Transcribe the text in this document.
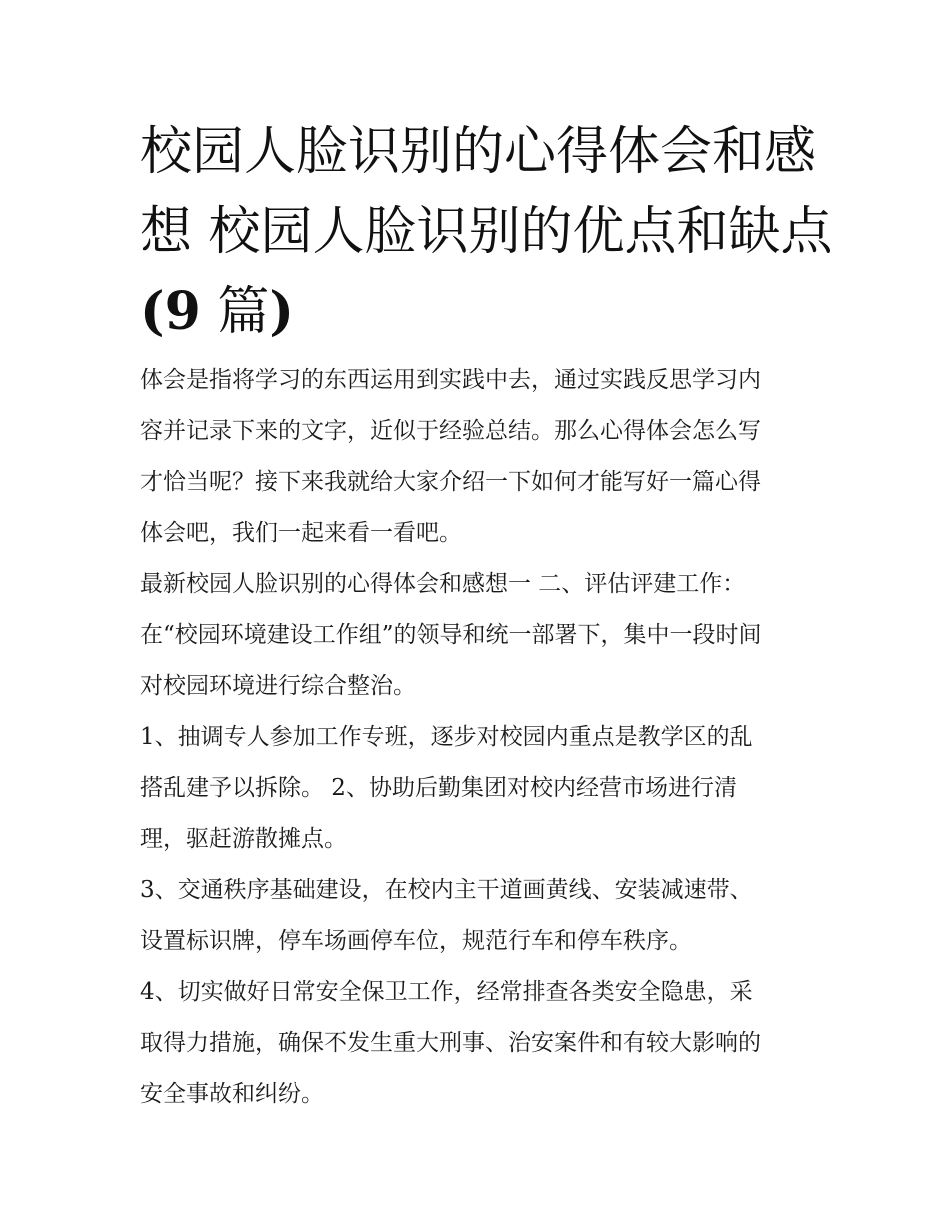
校园人脸识别的心得体会和感
想 校园人脸识别的优点和缺点
(9 篇)

体会是指将学习的东西运用到实践中去，通过实践反思学习内
容并记录下来的文字，近似于经验总结。那么心得体会怎么写
才恰当呢？接下来我就给大家介绍一下如何才能写好一篇心得
体会吧，我们一起来看一看吧。

最新校园人脸识别的心得体会和感想一 二、评估评建工作：

在“校园环境建设工作组”的领导和统一部署下，集中一段时间
对校园环境进行综合整治。

1、抽调专人参加工作专班，逐步对校园内重点是教学区的乱
搭乱建予以拆除。 2、协助后勤集团对校内经营市场进行清
理，驱赶游散摊点。

3、交通秩序基础建设，在校内主干道画黄线、安装减速带、
设置标识牌，停车场画停车位，规范行车和停车秩序。

4、切实做好日常安全保卫工作，经常排查各类安全隐患，采
取得力措施，确保不发生重大刑事、治安案件和有较大影响的
安全事故和纠纷。
